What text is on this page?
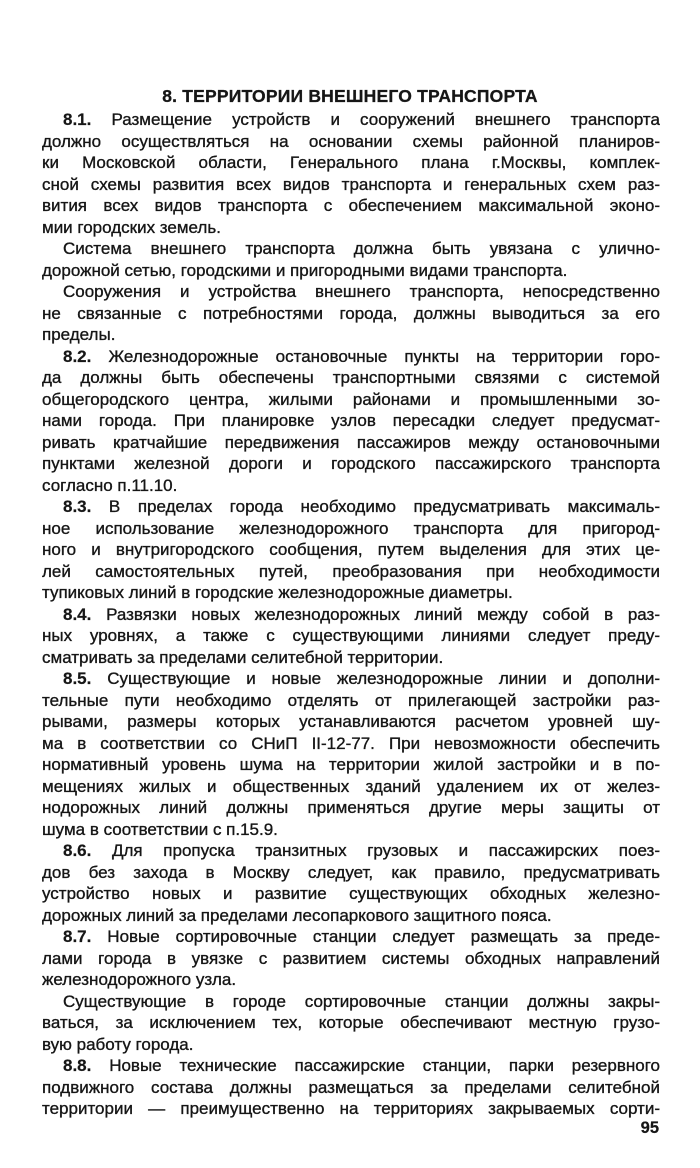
8. ТЕРРИТОРИИ ВНЕШНЕГО ТРАНСПОРТА
8.1. Размещение устройств и сооружений внешнего транспорта
должно осуществляться на основании схемы районной планиров-
ки Московской области, Генерального плана г.Москвы, комплек-
сной схемы развития всех видов транспорта и генеральных схем раз-
вития всех видов транспорта с обеспечением максимальной эконо-
мии городских земель.
Система внешнего транспорта должна быть увязана с улично-
дорожной сетью, городскими и пригородными видами транспорта.
Сооружения и устройства внешнего транспорта, непосредственно
не связанные с потребностями города, должны выводиться за его
пределы.
8.2. Железнодорожные остановочные пункты на территории горо-
да должны быть обеспечены транспортными связями с системой
общегородского центра, жилыми районами и промышленными зо-
нами города. При планировке узлов пересадки следует предусмат-
ривать кратчайшие передвижения пассажиров между остановочными
пунктами железной дороги и городского пассажирского транспорта
согласно п.11.10.
8.3. В пределах города необходимо предусматривать максималь-
ное использование железнодорожного транспорта для пригород-
ного и внутригородского сообщения, путем выделения для этих це-
лей самостоятельных путей, преобразования при необходимости
тупиковых линий в городские железнодорожные диаметры.
8.4. Развязки новых железнодорожных линий между собой в раз-
ных уровнях, а также с существующими линиями следует преду-
сматривать за пределами селитебной территории.
8.5. Существующие и новые железнодорожные линии и дополни-
тельные пути необходимо отделять от прилегающей застройки раз-
рывами, размеры которых устанавливаются расчетом уровней шу-
ма в соответствии со СНиП II-12-77. При невозможности обеспечить
нормативный уровень шума на территории жилой застройки и в по-
мещениях жилых и общественных зданий удалением их от желез-
нодорожных линий должны применяться другие меры защиты от
шума в соответствии с п.15.9.
8.6. Для пропуска транзитных грузовых и пассажирских поез-
дов без захода в Москву следует, как правило, предусматривать
устройство новых и развитие существующих обходных железно-
дорожных линий за пределами лесопаркового защитного пояса.
8.7. Новые сортировочные станции следует размещать за преде-
лами города в увязке с развитием системы обходных направлений
железнодорожного узла.
Существующие в городе сортировочные станции должны закры-
ваться, за исключением тех, которые обеспечивают местную грузо-
вую работу города.
8.8. Новые технические пассажирские станции, парки резервного
подвижного состава должны размещаться за пределами селитебной
территории — преимущественно на территориях закрываемых сорти-
95
